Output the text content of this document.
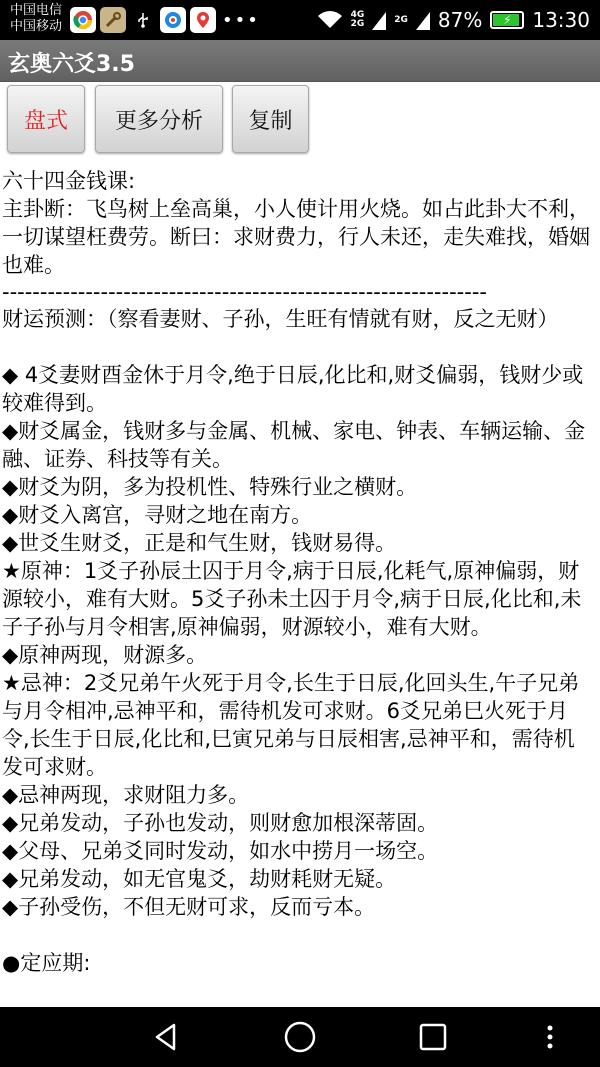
中国电信
中国移动	•••	4G
2G	2G 87% ⚡ 13:30
玄奥六爻3.5
盘式	更多分析	复制
六十四金钱课:
主卦断：飞鸟树上垒高巢，小人使计用火烧。如占此卦大不利，一切谋望枉费劳。断曰：求财费力，行人未还，走失难找，婚姻也难。
----------------------------------------------------------------
财运预测：（察看妻财、子孙，生旺有情就有财，反之无财）
◆ 4爻妻财酉金休于月令,绝于日辰,化比和,财爻偏弱，钱财少或较难得到。
◆财爻属金，钱财多与金属、机械、家电、钟表、车辆运输、金融、证券、科技等有关。
◆财爻为阴，多为投机性、特殊行业之横财。
◆财爻入离宫，寻财之地在南方。
◆世爻生财爻，正是和气生财，钱财易得。
★原神：1爻子孙辰土囚于月令,病于日辰,化耗气,原神偏弱，财源较小，难有大财。5爻子孙未土囚于月令,病于日辰,化比和,未子子孙与月令相害,原神偏弱，财源较小，难有大财。
◆原神两现，财源多。
★忌神：2爻兄弟午火死于月令,长生于日辰,化回头生,午子兄弟与月令相冲,忌神平和，需待机发可求财。6爻兄弟巳火死于月令,长生于日辰,化比和,巳寅兄弟与日辰相害,忌神平和，需待机发可求财。
◆忌神两现，求财阻力多。
◆兄弟发动，子孙也发动，则财愈加根深蒂固。
◆父母、兄弟爻同时发动，如水中捞月一场空。
◆兄弟发动，如无官鬼爻，劫财耗财无疑。
◆子孙受伤，不但无财可求，反而亏本。
●定应期:
